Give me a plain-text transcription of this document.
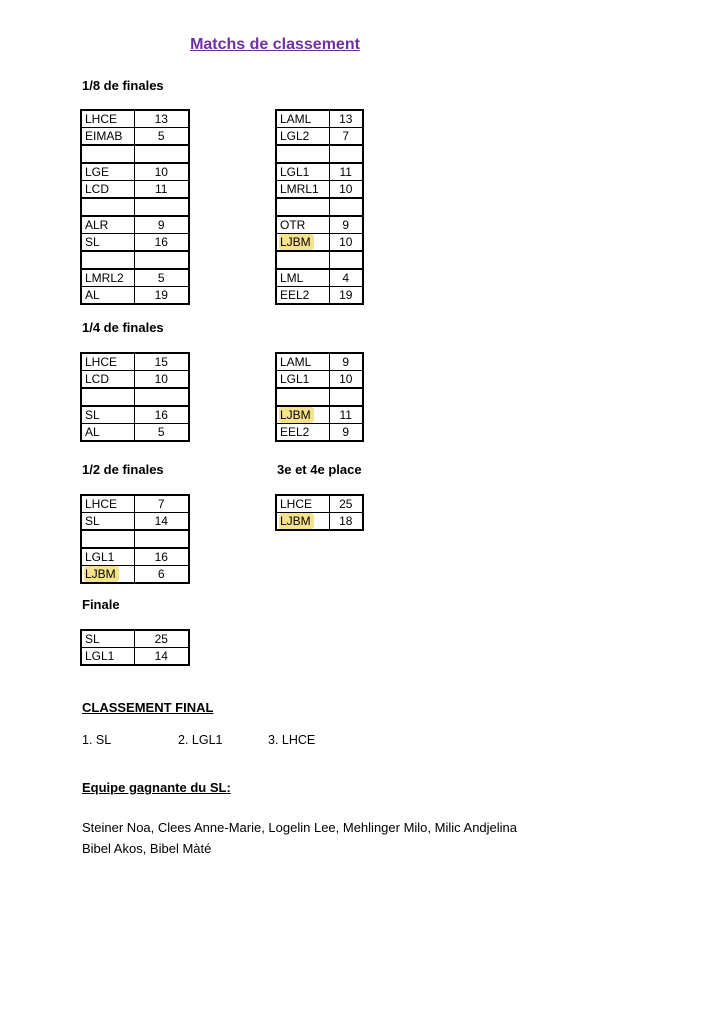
Matchs de classement
1/8 de finales
LHCE	13
EIMAB	5

LGE	10
LCD	11

ALR	9
SL	16

LMRL2	5
AL	19
LAML	13
LGL2	7

LGL1	11
LMRL1	10

OTR	9
LJBM	10

LML	4
EEL2	19
1/4 de finales
LHCE	15
LCD	10

SL	16
AL	5
LAML	9
LGL1	10

LJBM	11
EEL2	9
1/2 de finales	3e et 4e place
LHCE	7
SL	14

LGL1	16
LJBM	6
LHCE	25
LJBM	18
Finale
SL	25
LGL1	14
CLASSEMENT FINAL
1. SL	2. LGL1	3. LHCE
Equipe gagnante du SL:
Steiner Noa, Clees Anne-Marie, Logelin Lee, Mehlinger Milo, Milic Andjelina
Bibel Akos, Bibel Màté
